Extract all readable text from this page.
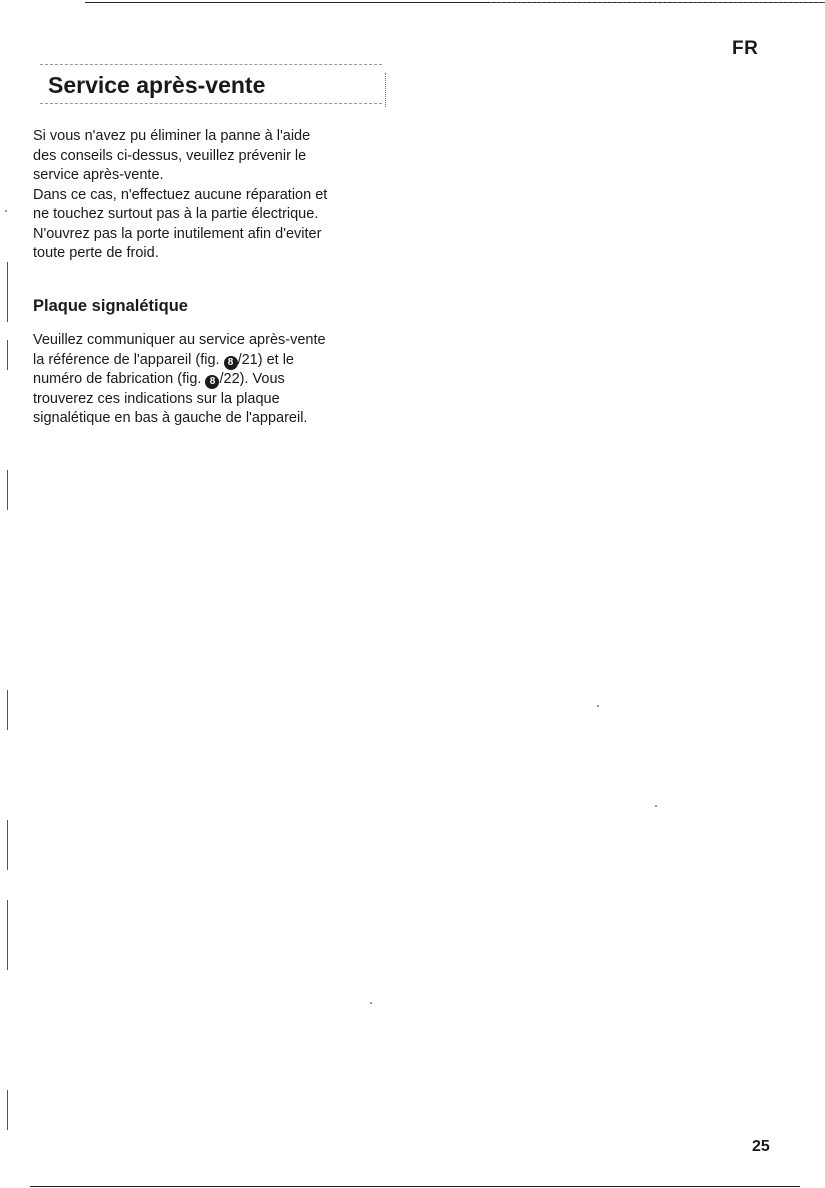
FR
Service après-vente

Si vous n'avez pu éliminer la panne à l'aide
des conseils ci-dessus, veuillez prévenir le
service après-vente.
Dans ce cas, n'effectuez aucune réparation et
ne touchez surtout pas à la partie électrique.
N'ouvrez pas la porte inutilement afin d'eviter
toute perte de froid.

Plaque signalétique

Veuillez communiquer au service après-vente
la référence de l'appareil (fig. 8 /21) et le
numéro de fabrication (fig. 8 /22). Vous
trouverez ces indications sur la plaque
signalétique en bas à gauche de l'appareil.

25
